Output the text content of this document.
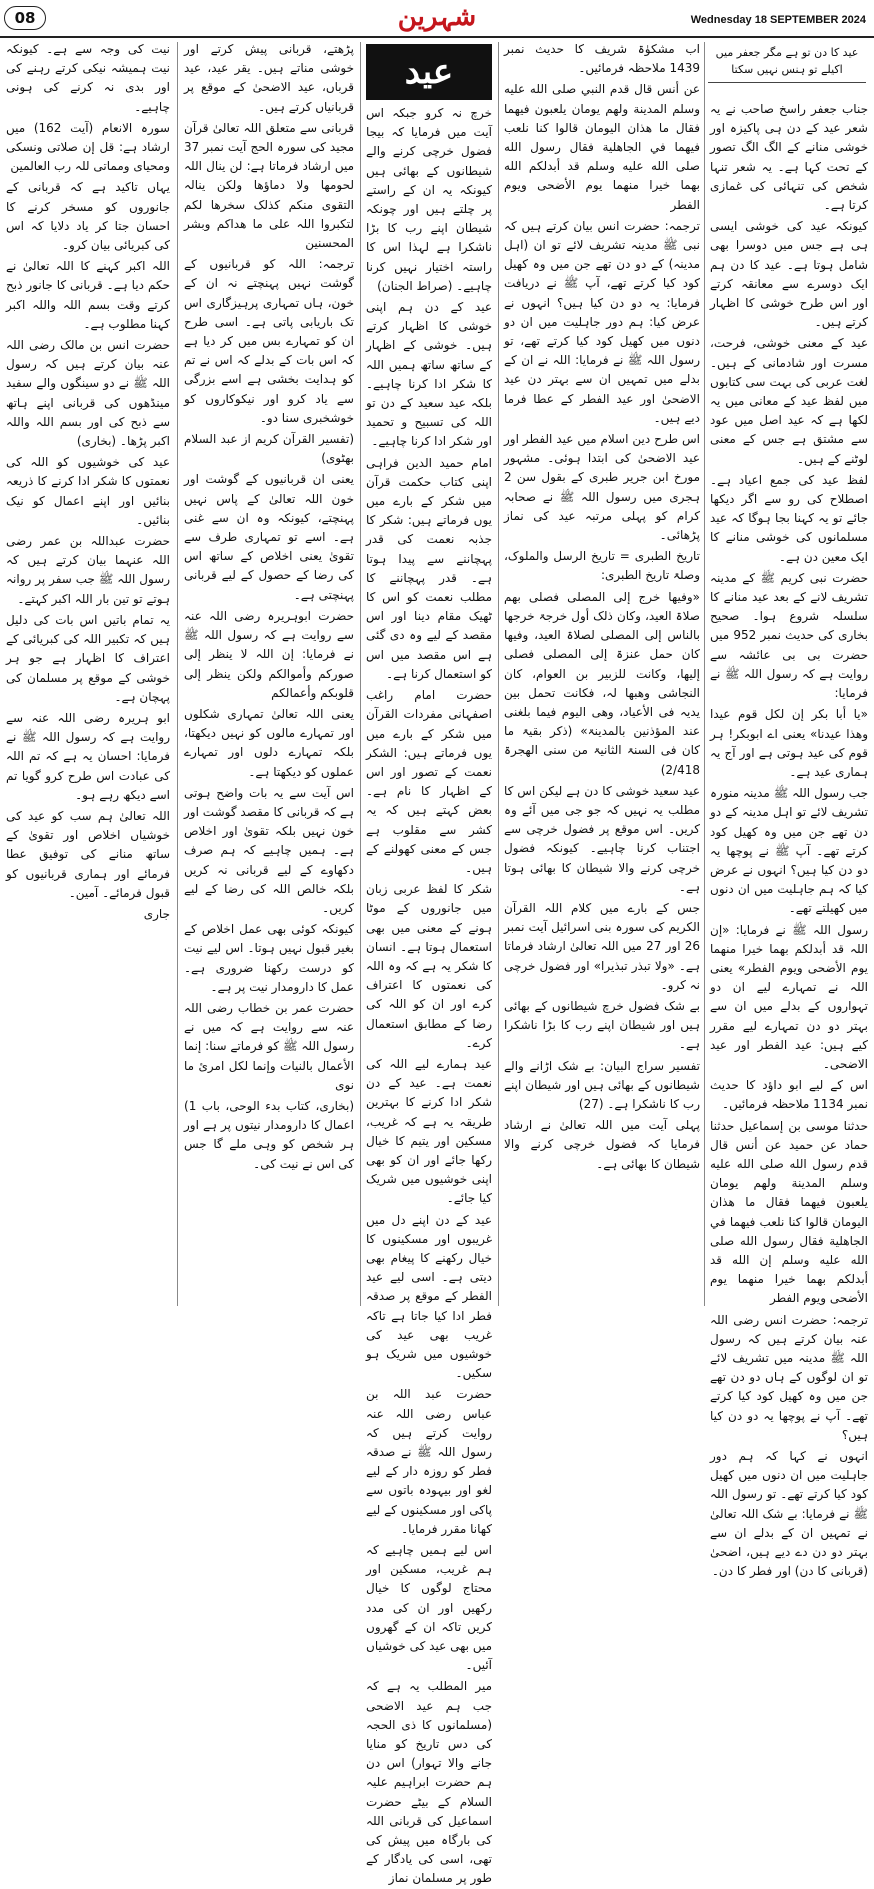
08	شہرین	Wednesday 18 SEPTEMBER 2024

نیت کی وجہ سے ہے۔ کیونکہ نیت ہمیشہ نیکی کرتے رہنے کی اور بدی نہ کرنے کی ہونی چاہیے۔

سورہ الانعام (آیت 162) میں ارشاد ہے: قل إن صلاتی ونسکی ومحیای ومماتی للہ رب العالمین

یہاں تاکید ہے کہ قربانی کے جانوروں کو مسخر کرنے کا احسان جتا کر یاد دلایا کہ اس کی کبریائی بیان کرو۔

اللہ اکبر کہنے کا اللہ تعالیٰ نے حکم دیا ہے۔ قربانی کا جانور ذبح کرتے وقت بسم اللہ واللہ اکبر کہنا مطلوب ہے۔

حضرت انس بن مالک رضی اللہ عنہ بیان کرتے ہیں کہ رسول اللہ ﷺ نے دو سینگوں والے سفید مینڈھوں کی قربانی اپنے ہاتھ سے ذبح کی اور بسم اللہ واللہ اکبر پڑھا۔ (بخاری)

عید کی خوشیوں کو اللہ کی نعمتوں کا شکر ادا کرنے کا ذریعہ بنائیں اور اپنے اعمال کو نیک بنائیں۔

حضرت عبداللہ بن عمر رضی اللہ عنہما بیان کرتے ہیں کہ رسول اللہ ﷺ جب سفر پر روانہ ہوتے تو تین بار اللہ اکبر کہتے۔

یہ تمام باتیں اس بات کی دلیل ہیں کہ تکبیر اللہ کی کبریائی کے اعتراف کا اظہار ہے جو ہر خوشی کے موقع پر مسلمان کی پہچان ہے۔

ابو ہریرہ رضی اللہ عنہ سے روایت ہے کہ رسول اللہ ﷺ نے فرمایا: احسان یہ ہے کہ تم اللہ کی عبادت اس طرح کرو گویا تم اسے دیکھ رہے ہو۔

اللہ تعالیٰ ہم سب کو عید کی خوشیاں اخلاص اور تقویٰ کے ساتھ منانے کی توفیق عطا فرمائے اور ہماری قربانیوں کو قبول فرمائے۔ آمین۔

جاری

پڑھتے، قربانی پیش کرتے اور خوشی مناتے ہیں۔ یقر عید، عید قرباں، عید الاضحیٰ کے موقع پر قربانیاں کرتے ہیں۔

قربانی سے متعلق اللہ تعالیٰ قرآن مجید کی سورہ الحج آیت نمبر 37 میں ارشاد فرماتا ہے: لن ینال اللہ لحومھا ولا دماؤھا ولکن ینالہ التقوی منکم کذلک سخرھا لکم لتکبروا اللہ علی ما ھداکم وبشر المحسنین

ترجمہ: اللہ کو قربانیوں کے گوشت نہیں پہنچتے نہ ان کے خون، ہاں تمہاری پرہیزگاری اس تک باریابی پاتی ہے۔ اسی طرح ان کو تمہارے بس میں کر دیا ہے کہ اس بات کے بدلے کہ اس نے تم کو ہدایت بخشی ہے اسے بزرگی سے یاد کرو اور نیکوکاروں کو خوشخبری سنا دو۔

(تفسیر القرآن کریم از عبد السلام بھٹوی)

یعنی ان قربانیوں کے گوشت اور خون اللہ تعالیٰ کے پاس نہیں پہنچتے، کیونکہ وہ ان سے غنی ہے۔ اسے تو تمہاری طرف سے تقویٰ یعنی اخلاص کے ساتھ اس کی رضا کے حصول کے لیے قربانی پہنچتی ہے۔

حضرت ابوہریرہ رضی اللہ عنہ سے روایت ہے کہ رسول اللہ ﷺ نے فرمایا: إن اللہ لا ینظر إلی صورکم وأموالکم ولکن ینظر إلی قلوبکم وأعمالکم

یعنی اللہ تعالیٰ تمہاری شکلوں اور تمہارے مالوں کو نہیں دیکھتا، بلکہ تمہارے دلوں اور تمہارے عملوں کو دیکھتا ہے۔

اس آیت سے یہ بات واضح ہوتی ہے کہ قربانی کا مقصد گوشت اور خون نہیں بلکہ تقویٰ اور اخلاص ہے۔ ہمیں چاہیے کہ ہم صرف دکھاوے کے لیے قربانی نہ کریں بلکہ خالص اللہ کی رضا کے لیے کریں۔

کیونکہ کوئی بھی عمل اخلاص کے بغیر قبول نہیں ہوتا۔ اس لیے نیت کو درست رکھنا ضروری ہے۔ عمل کا دارومدار نیت پر ہے۔

حضرت عمر بن خطاب رضی اللہ عنہ سے روایت ہے کہ میں نے رسول اللہ ﷺ کو فرماتے سنا: إنما الأعمال بالنیات وإنما لکل امرئ ما نوی

(بخاری، کتاب بدء الوحی، باب 1) اعمال کا دارومدار نیتوں پر ہے اور ہر شخص کو وہی ملے گا جس کی اس نے نیت کی۔

خرچ نہ کرو جبکہ اس آیت میں فرمایا کہ بیجا فضول خرچی کرنے والے شیطانوں کے بھائی ہیں کیونکہ یہ ان کے راستے پر چلتے ہیں اور چونکہ شیطان اپنے رب کا بڑا ناشکرا ہے لہذا اس کا راستہ اختیار نہیں کرنا چاہیے۔ (صراط الجنان)

عید کے دن ہم اپنی خوشی کا اظہار کرتے ہیں۔ خوشی کے اظہار کے ساتھ ساتھ ہمیں اللہ کا شکر ادا کرنا چاہیے۔ بلکہ عید سعید کے دن تو اللہ کی تسبیح و تحمید اور شکر ادا کرنا چاہیے۔

امام حمید الدین فراہی اپنی کتاب حکمت قرآن میں شکر کے بارے میں یوں فرماتے ہیں: شکر کا جذبہ نعمت کی قدر پہچاننے سے پیدا ہوتا ہے۔ قدر پہچاننے کا مطلب نعمت کو اس کا ٹھیک مقام دینا اور اس مقصد کے لیے وہ دی گئی ہے اس مقصد میں اس کو استعمال کرنا ہے۔

حضرت امام راغب اصفہانی مفردات القرآن میں شکر کے بارے میں یوں فرماتے ہیں: الشکر نعمت کے تصور اور اس کے اظہار کا نام ہے۔ بعض کہتے ہیں کہ یہ کشر سے مقلوب ہے جس کے معنی کھولنے کے ہیں۔

شکر کا لفظ عربی زبان میں جانوروں کے موٹا ہونے کے معنی میں بھی استعمال ہوتا ہے۔ انسان کا شکر یہ ہے کہ وہ اللہ کی نعمتوں کا اعتراف کرے اور ان کو اللہ کی رضا کے مطابق استعمال کرے۔

عید ہمارے لیے اللہ کی نعمت ہے۔ عید کے دن شکر ادا کرنے کا بہترین طریقہ یہ ہے کہ غریب، مسکین اور یتیم کا خیال رکھا جائے اور ان کو بھی اپنی خوشیوں میں شریک کیا جائے۔

عید کے دن اپنے دل میں غریبوں اور مسکینوں کا خیال رکھنے کا پیغام بھی دیتی ہے۔ اسی لیے عید الفطر کے موقع پر صدقہ فطر ادا کیا جاتا ہے تاکہ غریب بھی عید کی خوشیوں میں شریک ہو سکیں۔

حضرت عبد اللہ بن عباس رضی اللہ عنہ روایت کرتے ہیں کہ رسول اللہ ﷺ نے صدقہ فطر کو روزہ دار کے لیے لغو اور بیہودہ باتوں سے پاکی اور مسکینوں کے لیے کھانا مقرر فرمایا۔

اس لیے ہمیں چاہیے کہ ہم غریب، مسکین اور محتاج لوگوں کا خیال رکھیں اور ان کی مدد کریں تاکہ ان کے گھروں میں بھی عید کی خوشیاں آئیں۔

میر المطلب یہ ہے کہ جب ہم عید الاضحی (مسلمانوں کا ذی الحجہ کی دس تاریخ کو منایا جانے والا تہوار) اس دن ہم حضرت ابراہیم علیہ السلام کے بیٹے حضرت اسماعیل کی قربانی اللہ کی بارگاہ میں پیش کی تھی، اسی کی یادگار کے طور پر مسلمان نماز

اب مشکوٰۃ شریف کا حدیث نمبر 1439 ملاحظہ فرمائیں۔

عن أنس قال قدم النبي صلى الله عليه وسلم المدينة ولهم يومان يلعبون فيهما فقال ما هذان اليومان قالوا كنا نلعب فيهما في الجاهلية فقال رسول الله صلى الله عليه وسلم قد أبدلكم الله بهما خيرا منهما يوم الأضحى ويوم الفطر

ترجمہ: حضرت انس بیان کرتے ہیں کہ نبی ﷺ مدینہ تشریف لائے تو ان (اہل مدینہ) کے دو دن تھے جن میں وہ کھیل کود کیا کرتے تھے، آپ ﷺ نے دریافت فرمایا: یہ دو دن کیا ہیں؟ انہوں نے عرض کیا: ہم دور جاہلیت میں ان دو دنوں میں کھیل کود کیا کرتے تھے، تو رسول اللہ ﷺ نے فرمایا: اللہ نے ان کے بدلے میں تمہیں ان سے بہتر دن عید الاضحیٰ اور عید الفطر کے عطا فرما دیے ہیں۔

اس طرح دین اسلام میں عید الفطر اور عید الاضحیٰ کی ابتدا ہوئی۔ مشہور مورخ ابن جریر طبری کے بقول سن 2 ہجری میں رسول اللہ ﷺ نے صحابہ کرام کو پہلی مرتبہ عید کی نماز پڑھائی۔

تاریخ الطبری = تاریخ الرسل والملوک، وصلۃ تاریخ الطبری:

«وفیھا خرج إلی المصلی فصلی بھم صلاۃ العید، وکان ذلک أول خرجۃ خرجھا بالناس إلی المصلی لصلاۃ العید، وفیھا کان حمل عنزۃ إلی المصلی فصلی إلیھا، وکانت للزبیر بن العوام، کان النجاشی وھبھا لہ، فکانت تحمل بین یدیہ فی الأعیاد، وھی الیوم فیما بلغنی عند المؤذنین بالمدینۃ» (ذکر بقیۃ ما کان فی السنۃ الثانیۃ من سنی الھجرۃ 2/418)

عید سعید خوشی کا دن ہے لیکن اس کا مطلب یہ نہیں کہ جو جی میں آئے وہ کریں۔ اس موقع پر فضول خرچی سے اجتناب کرنا چاہیے۔ کیونکہ فضول خرچی کرنے والا شیطان کا بھائی ہوتا ہے۔

جس کے بارے میں کلام اللہ القرآن الکریم کی سورہ بنی اسرائیل آیت نمبر 26 اور 27 میں اللہ تعالیٰ ارشاد فرماتا ہے۔ «ولا تبذر تبذیرا» اور فضول خرچی نہ کرو۔

بے شک فضول خرچ شیطانوں کے بھائی ہیں اور شیطان اپنے رب کا بڑا ناشکرا ہے۔

تفسیر سراج البیان: بے شک اڑانے والے شیطانوں کے بھائی ہیں اور شیطان اپنے رب کا ناشکرا ہے۔ (27)

پہلی آیت میں اللہ تعالیٰ نے ارشاد فرمایا کہ فضول خرچی کرنے والا شیطان کا بھائی ہے۔

جناب جعفر راسخ صاحب نے یہ شعر عید کے دن ہی پاکیزہ اور خوشی منانے کے الگ الگ تصور کے تحت کہا ہے۔ یہ شعر تنہا شخص کی تنہائی کی غمازی کرتا ہے۔

کیونکہ عید کی خوشی ایسی ہی ہے جس میں دوسرا بھی شامل ہوتا ہے۔ عید کا دن ہم ایک دوسرے سے معانقہ کرتے اور اس طرح خوشی کا اظہار کرتے ہیں۔

عید کے معنی خوشی، فرحت، مسرت اور شادمانی کے ہیں۔ لغت عربی کی بہت سی کتابوں میں لفظ عید کے معانی میں یہ لکھا ہے کہ عید اصل میں عود سے مشتق ہے جس کے معنی لوٹنے کے ہیں۔

لفظ عید کی جمع اعیاد ہے۔ اصطلاح کی رو سے اگر دیکھا جائے تو یہ کہنا بجا ہوگا کہ عید مسلمانوں کی خوشی منانے کا ایک معین دن ہے۔

حضرت نبی کریم ﷺ کے مدینہ تشریف لانے کے بعد عید منانے کا سلسلہ شروع ہوا۔ صحیح بخاری کی حدیث نمبر 952 میں حضرت بی بی عائشہ سے روایت ہے کہ رسول اللہ ﷺ نے فرمایا:

«یا أبا بکر إن لکل قوم عیدا وھذا عیدنا» یعنی اے ابوبکر! ہر قوم کی عید ہوتی ہے اور آج یہ ہماری عید ہے۔

جب رسول اللہ ﷺ مدینہ منورہ تشریف لائے تو اہل مدینہ کے دو دن تھے جن میں وہ کھیل کود کرتے تھے۔ آپ ﷺ نے پوچھا یہ دو دن کیا ہیں؟ انہوں نے عرض کیا کہ ہم جاہلیت میں ان دنوں میں کھیلتے تھے۔

رسول اللہ ﷺ نے فرمایا: «إن اللہ قد أبدلکم بھما خیرا منھما یوم الأضحی ویوم الفطر» یعنی اللہ نے تمہارے لیے ان دو تہواروں کے بدلے میں ان سے بہتر دو دن تمہارے لیے مقرر کیے ہیں: عید الفطر اور عید الاضحی۔

اس کے لیے ابو داؤد کا حدیث نمبر 1134 ملاحظہ فرمائیں۔

حدثنا موسى بن إسماعيل حدثنا حماد عن حميد عن أنس قال قدم رسول الله صلى الله عليه وسلم المدينة ولهم يومان يلعبون فيهما فقال ما هذان اليومان قالوا كنا نلعب فيهما في الجاهلية فقال رسول الله صلى الله عليه وسلم إن الله قد أبدلكم بهما خيرا منهما يوم الأضحى ويوم الفطر

ترجمہ: حضرت انس رضی اللہ عنہ بیان کرتے ہیں کہ رسول اللہ ﷺ مدینہ میں تشریف لائے تو ان لوگوں کے ہاں دو دن تھے جن میں وہ کھیل کود کیا کرتے تھے۔ آپ نے پوچھا یہ دو دن کیا ہیں؟

انہوں نے کہا کہ ہم دور جاہلیت میں ان دنوں میں کھیل کود کیا کرتے تھے۔ تو رسول اللہ ﷺ نے فرمایا: بے شک اللہ تعالیٰ نے تمہیں ان کے بدلے ان سے بہتر دو دن دے دیے ہیں، اضحیٰ (قربانی کا دن) اور فطر کا دن۔

عید	عید کا دن تو ہے مگر جعفر میں اکیلے تو ہنس نہیں سکتا
